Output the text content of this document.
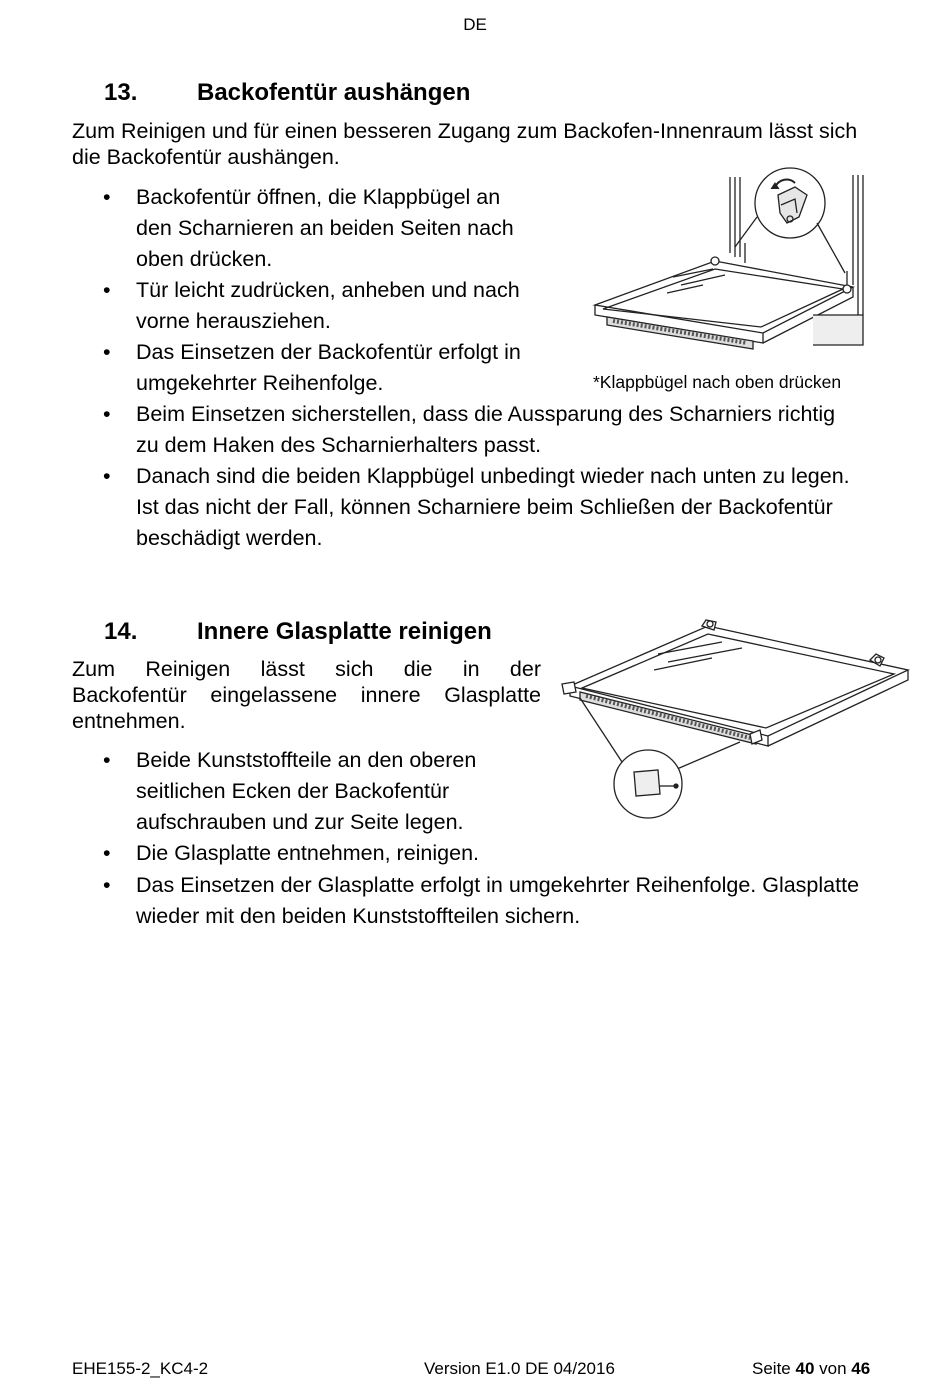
DE
13. Backofentür aushängen
Zum Reinigen und für einen besseren Zugang zum Backofen-Innenraum lässt sich
die Backofentür aushängen.
• Backofentür öffnen, die Klappbügel an
den Scharnieren an beiden Seiten nach
oben drücken.
• Tür leicht zudrücken, anheben und nach
vorne herausziehen.
• Das Einsetzen der Backofentür erfolgt in
umgekehrter Reihenfolge.	*Klappbügel nach oben drücken
• Beim Einsetzen sicherstellen, dass die Aussparung des Scharniers richtig
zu dem Haken des Scharnierhalters passt.
• Danach sind die beiden Klappbügel unbedingt wieder nach unten zu legen.
Ist das nicht der Fall, können Scharniere beim Schließen der Backofentür
beschädigt werden.
14. Innere Glasplatte reinigen
Zum Reinigen lässt sich die in der
Backofentür eingelassene innere Glasplatte
entnehmen.
• Beide Kunststoffteile an den oberen
seitlichen Ecken der Backofentür
aufschrauben und zur Seite legen.
• Die Glasplatte entnehmen, reinigen.
• Das Einsetzen der Glasplatte erfolgt in umgekehrter Reihenfolge. Glasplatte
wieder mit den beiden Kunststoffteilen sichern.
EHE155-2_KC4-2	Version E1.0 DE 04/2016	Seite 40 von 46
